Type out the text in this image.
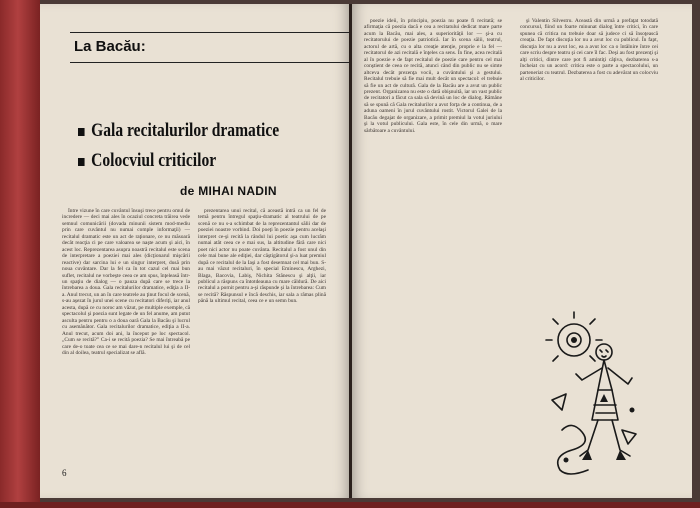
La Bacău:
Gala recitalurilor dramatice
Colocviul criticilor
de MIHAI NADIN

Între vizune în care cuvântul însuşi trece pentru omul de incredere — deci mai ales în ocaziul concreta trăirea vede semnul comunicării (dovada minunii sistem mod-mediu prin care cuvântul nu numai comple informaţii) — recitalul dramatic este un act de raţionare, ce nu măsoară decât reacţia ci pe care valoarea se naşte acum şi aici, în acest loc. Reprezentarea asupra noastră recitalul este scena de interpretare a poeziei mai ales (dicţionarul mişcării reactive) dar sarcina lui e un singur interpret, dusă prin noua cuvântare. Dar la fel ca în tot cazul cel mai bun suflet, recitalul ne vorbeşte ceea ce am spus, înţeleasă într-un spaţiu de dialog — o pauza după care se trece la întrebarea a doua. Gala recitalurilor dramatice, ediţia a II-a. Anul trecut, un an în care teatrele au ţinut focul de scenă, s-au aşezat în jurul unei scene cu recitatori diferiţi, iar anul acesta, după ce cu noroc am văzut, pe multiple exemple, că spectacolul şi poezia sunt legate de un fel anume, am putut asculta pentru pentru o a doua oară Gala la Bacău şi lucrul cu asemănător. Gala recitalurilor dramatice, ediţia a II-a. Anul trecut, acum doi ani, la început pe loc spectacol. „Cum se recită?” Ca-i se recită poezia? Se mai întreabă pe care de-o toate cea ce se mai dare-n recitalul lui şi de cel din al doilea, teatrul specializat se află.

prezentarea unui recital, că această intră ca un fel de temă pentru întregul spaţiu-dramatic al teatrului de pe scenă ce nu s-a schimbat de la reprezentantul sălii dar de poeziei noastre vorbind. Doi poeţi în poezie pentru acelaşi interpret ce-şi recită la rândul lui poetic aşa cum lucrăm numai atât ceea ce e mai sus, la altitudine fără care nici poet nici actor nu poate cuvânta. Recitalul a fost unul din cele mai bune ale ediţiei, dar câştigătorul şi-a luat premiul după ce recitalul de la Iaşi a fost desemnat cel mai bun. S-au mai văzut recitaluri, în special Eminescu, Arghezi, Blaga, Bacovia, Labiş, Nichita Stănescu şi alţii, iar publicul a răspuns ca întotdeauna cu mare căldură. De aici recitalul a pornit pentru a-şi răspunde şi la întrebarea: Cum se recită? Răspunsul e încă deschis, iar sala a rămas plină până la ultimul recital, ceea ce e un semn bun.

6

poezie ideii, în principiu, poezia nu poate fi recitată; se afirmaţia că poezia dacă e cea a recitatului dedicat mare parte acum la Bacău, mai ales, a superiorităţii lor — şi-a cu recitatorului de poezie patriotică. Iar în scena sălii, teatrul, actorul de artă, cu o alta creaţie atenţie, proprie e la fel — recitatorul de azi recitală e înţeles ca sens. În fine, acea recitală al în poezie e de fapt recitalul de poezie care pentru cel mai conştient de ceea ce recită, atunci când din public nu se simte altceva decât prezenţa vocii, a cuvântului şi a gestului. Recitalul trebuie să fie mai mult decât un spectacol: el trebuie să fie un act de cultură. Gala de la Bacău are a avut un public prezent. Organizarea nu este o dată obişnuită, iar un vast public de recitatori a făcut ca sala să devină un loc de dialog. Rămâne să se spună că Gala recitalurilor a avut forţa de a continua, de a aduna oameni în jurul cuvântului rostit. Victorul Galei de la Bacău degajat de organizare, a primit premiul la votul juriului şi la votul publicului. Gala este, în cele din urmă, o mare sărbătoare a cuvântului.

şi Valentin Silvestru. Această din urmă a prefaţat totodată concursul, fiind un foarte minunat dialog între critici, în care spunea că critica nu trebuie doar să judece ci să însoţească creaţia. De fapt discuţia lor nu a avut loc cu publicul. În fapt, discuţia lor nu a avut loc, ea a avut loc ca o întâlnire între cei care scriu despre teatru şi cei care îl fac. Deşi au fost prezenţi şi alţi critici, dintre care pot fi amintiţi câţiva, dezbaterea s-a încheiat cu un acord: critica este o parte a spectacolului, un parteneriat cu teatrul. Dezbaterea a fost cu adevărat un colocviu al criticilor.
